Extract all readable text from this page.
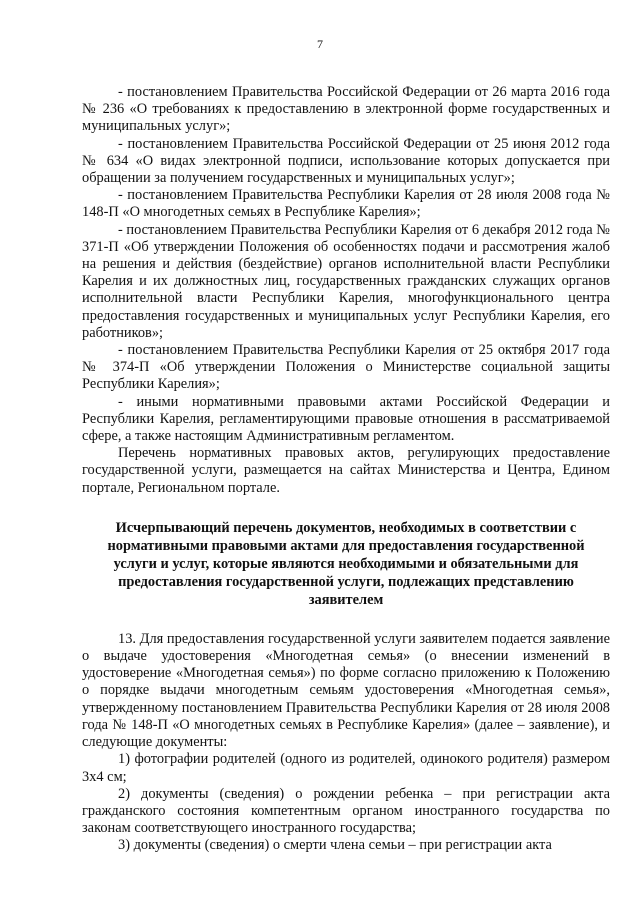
7

- постановлением Правительства Российской Федерации от 26 марта 2016 года № 236 «О требованиях к предоставлению в электронной форме государственных и муниципальных услуг»;

- постановлением Правительства Российской Федерации от 25 июня 2012 года № 634 «О видах электронной подписи, использование которых допускается при обращении за получением государственных и муниципальных услуг»;

- постановлением Правительства Республики Карелия от 28 июля 2008 года № 148-П «О многодетных семьях в Республике Карелия»;

- постановлением Правительства Республики Карелия от 6 декабря 2012 года № 371-П «Об утверждении Положения об особенностях подачи и рассмотрения жалоб на решения и действия (бездействие) органов исполнительной власти Республики Карелия и их должностных лиц, государственных гражданских служащих органов исполнительной власти Республики Карелия, многофункционального центра предоставления государственных и муниципальных услуг Республики Карелия, его работников»;

- постановлением Правительства Республики Карелия от 25 октября 2017 года № 374-П «Об утверждении Положения о Министерстве социальной защиты Республики Карелия»;

- иными нормативными правовыми актами Российской Федерации и Республики Карелия, регламентирующими правовые отношения в рассматриваемой сфере, а также настоящим Административным регламентом.

Перечень нормативных правовых актов, регулирующих предоставление государственной услуги, размещается на сайтах Министерства и Центра, Едином портале, Региональном портале.

Исчерпывающий перечень документов, необходимых в соответствии с нормативными правовыми актами для предоставления государственной услуги и услуг, которые являются необходимыми и обязательными для предоставления государственной услуги, подлежащих представлению заявителем

13. Для предоставления государственной услуги заявителем подается заявление о выдаче удостоверения «Многодетная семья» (о внесении изменений в удостоверение «Многодетная семья») по форме согласно приложению к Положению о порядке выдачи многодетным семьям удостоверения «Многодетная семья», утвержденному постановлением Правительства Республики Карелия от 28 июля 2008 года № 148-П «О многодетных семьях в Республике Карелия» (далее – заявление), и следующие документы:

1) фотографии родителей (одного из родителей, одинокого родителя) размером 3х4 см;

2) документы (сведения) о рождении ребенка – при регистрации акта гражданского состояния компетентным органом иностранного государства по законам соответствующего иностранного государства;

3) документы (сведения) о смерти члена семьи – при регистрации акта
